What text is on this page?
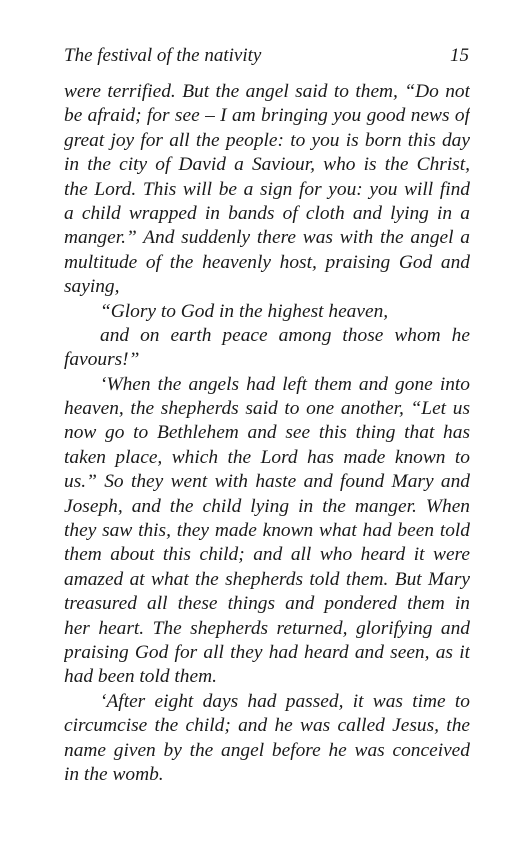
The festival of the nativity	15
were terrified. But the angel said to them, “Do not
be afraid; for see – I am bringing you good news of
great joy for all the people: to you is born this day
in the city of David a Saviour, who is the Christ,
the Lord. This will be a sign for you: you will find
a child wrapped in bands of cloth and lying in a
manger.” And suddenly there was with the angel a
multitude of the heavenly host, praising God and
saying,
“Glory to God in the highest heaven,
and on earth peace among those whom he
favours!”
‘When the angels had left them and gone into
heaven, the shepherds said to one another, “Let us
now go to Bethlehem and see this thing that has
taken place, which the Lord has made known to
us.” So they went with haste and found Mary and
Joseph, and the child lying in the manger. When
they saw this, they made known what had been told
them about this child; and all who heard it were
amazed at what the shepherds told them. But Mary
treasured all these things and pondered them in
her heart. The shepherds returned, glorifying and
praising God for all they had heard and seen, as it
had been told them.
‘After eight days had passed, it was time to
circumcise the child; and he was called Jesus, the
name given by the angel before he was conceived
in the womb.
